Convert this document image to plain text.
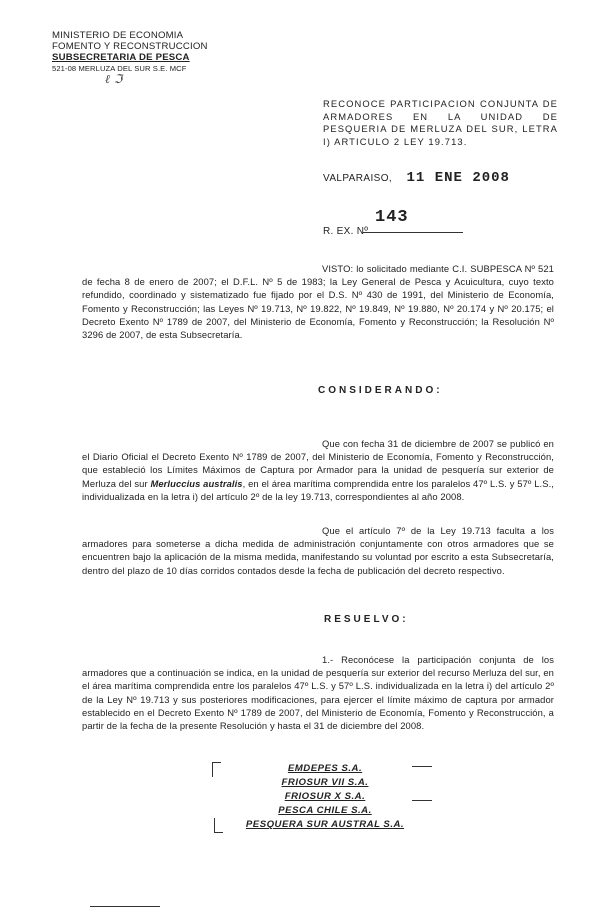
MINISTERIO DE ECONOMIA
FOMENTO Y RECONSTRUCCION
SUBSECRETARIA DE PESCA
521-08 MERLUZA DEL SUR S.E. MCF
ℓ ℑ
RECONOCE PARTICIPACION CONJUNTA DE ARMADORES EN LA UNIDAD DE PESQUERIA DE MERLUZA DEL SUR, LETRA I) ARTICULO 2 LEY 19.713.
VALPARAISO, 11 ENE 2008
R. EX. Nº
143
VISTO: lo solicitado mediante C.I. SUBPESCA Nº 521 de fecha 8 de enero de 2007; el D.F.L. Nº 5 de 1983; la Ley General de Pesca y Acuicultura, cuyo texto refundido, coordinado y sistematizado fue fijado por el D.S. Nº 430 de 1991, del Ministerio de Economía, Fomento y Reconstrucción; las Leyes Nº 19.713, Nº 19.822, Nº 19.849, Nº 19.880, Nº 20.174 y Nº 20.175; el Decreto Exento Nº 1789 de 2007, del Ministerio de Economía, Fomento y Reconstrucción; la Resolución Nº 3296 de 2007, de esta Subsecretaría.
CONSIDERANDO:
Que con fecha 31 de diciembre de 2007 se publicó en el Diario Oficial el Decreto Exento Nº 1789 de 2007, del Ministerio de Economía, Fomento y Reconstrucción, que estableció los Límites Máximos de Captura por Armador para la unidad de pesquería sur exterior de Merluza del sur Merluccius australis, en el área marítima comprendida entre los paralelos 47º L.S. y 57º L.S., individualizada en la letra i) del artículo 2º de la ley 19.713, correspondientes al año 2008.
Que el artículo 7º de la Ley 19.713 faculta a los armadores para someterse a dicha medida de administración conjuntamente con otros armadores que se encuentren bajo la aplicación de la misma medida, manifestando su voluntad por escrito a esta Subsecretaría, dentro del plazo de 10 días corridos contados desde la fecha de publicación del decreto respectivo.
RESUELVO:
1.- Reconócese la participación conjunta de los armadores que a continuación se indica, en la unidad de pesquería sur exterior del recurso Merluza del sur, en el área marítima comprendida entre los paralelos 47º L.S. y 57º L.S. individualizada en la letra i) del artículo 2º de la Ley Nº 19.713 y sus posteriores modificaciones, para ejercer el límite máximo de captura por armador establecido en el Decreto Exento Nº 1789 de 2007, del Ministerio de Economía, Fomento y Reconstrucción, a partir de la fecha de la presente Resolución y hasta el 31 de diciembre del 2008.
EMDEPES S.A.
FRIOSUR VII S.A.
FRIOSUR X S.A.
PESCA CHILE S.A.
PESQUERA SUR AUSTRAL S.A.
